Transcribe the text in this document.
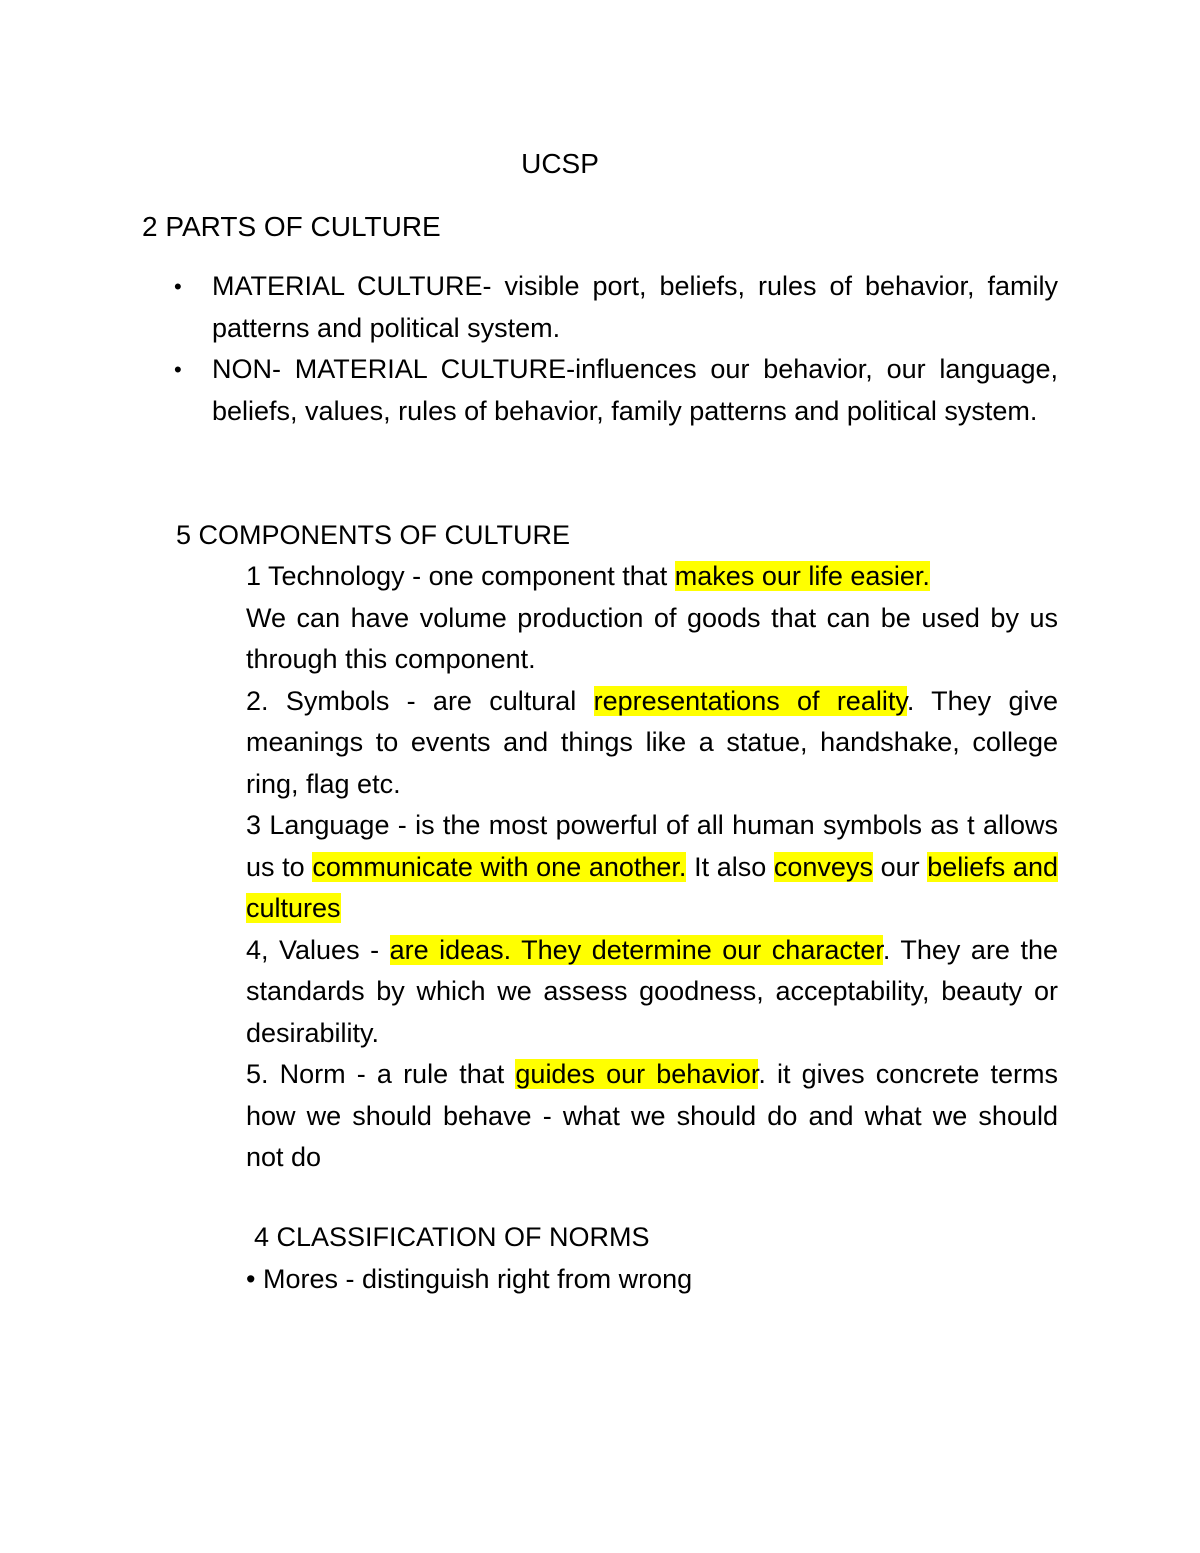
UCSP
2 PARTS OF CULTURE
• MATERIAL CULTURE- visible port, beliefs, rules of behavior, family patterns and political system.
• NON- MATERIAL CULTURE-influences our behavior, our language, beliefs, values, rules of behavior, family patterns and political system.
5 COMPONENTS OF CULTURE

1 Technology - one component that makes our life easier.

We can have volume production of goods that can be used by us through this component.

2. Symbols - are cultural representations of reality. They give meanings to events and things like a statue, handshake, college ring, flag etc.

3 Language - is the most powerful of all human symbols as t allows us to communicate with one another. It also conveys our beliefs and cultures

4, Values - are ideas. They determine our character. They are the standards by which we assess goodness, acceptability, beauty or desirability.

5. Norm - a rule that guides our behavior. it gives concrete terms how we should behave - what we should do and what we should not do

4 CLASSIFICATION OF NORMS
• Mores - distinguish right from wrong
